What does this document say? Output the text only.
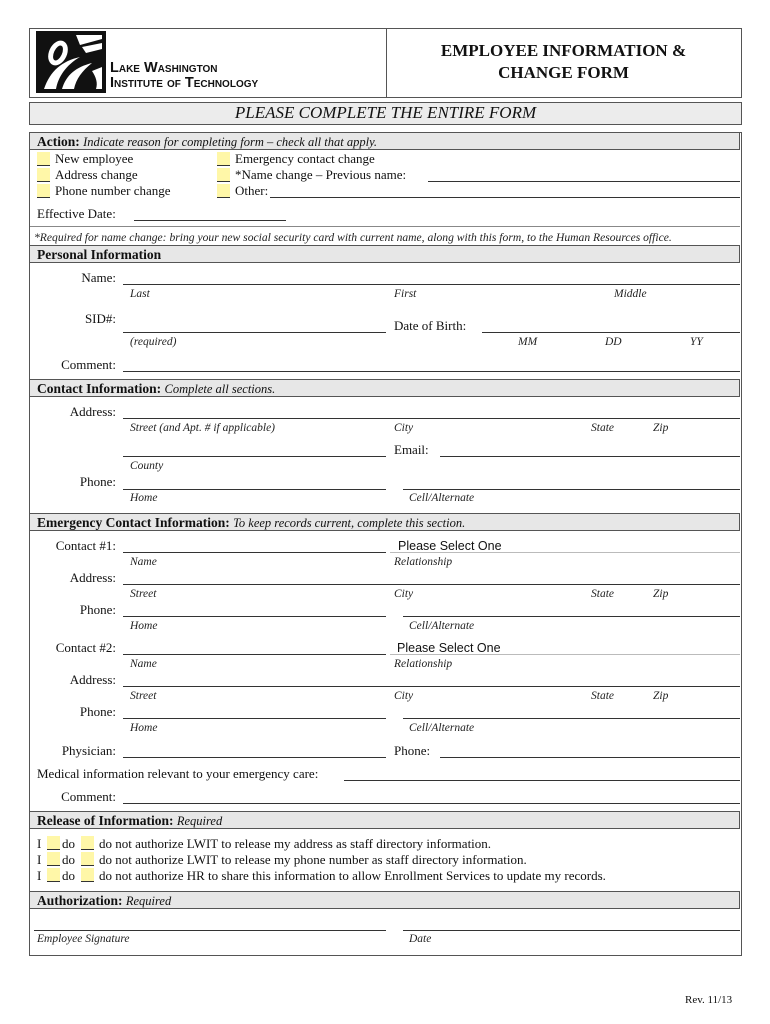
Lake Washington
Institute of Technology
EMPLOYEE INFORMATION &
CHANGE FORM
PLEASE COMPLETE THE ENTIRE FORM
Action: Indicate reason for completing form – check all that apply.
New employee
Address change
Phone number change
Emergency contact change
*Name change – Previous name:
Other:
Effective Date:
*Required for name change: bring your new social security card with current name, along with this form, to the Human Resources office.
Personal Information
Name:
Last	First	Middle
SID#:
(required)
Date of Birth:
MM	DD	YY
Comment:
Contact Information: Complete all sections.
Address:
Street (and Apt. # if applicable)	City	State	Zip
County
Email:
Phone:
Home	Cell/Alternate
Emergency Contact Information: To keep records current, complete this section.
Contact #1:	Please Select One
Name	Relationship
Address:
Street	City	State	Zip
Phone:
Home	Cell/Alternate
Contact #2:	Please Select One
Name	Relationship
Address:
Street	City	State	Zip
Phone:
Home	Cell/Alternate
Physician:	Phone:
Medical information relevant to your emergency care:
Comment:
Release of Information: Required
I do do not authorize LWIT to release my address as staff directory information.
I do do not authorize LWIT to release my phone number as staff directory information.
I do do not authorize HR to share this information to allow Enrollment Services to update my records.
Authorization: Required
Employee Signature	Date
Rev. 11/13
